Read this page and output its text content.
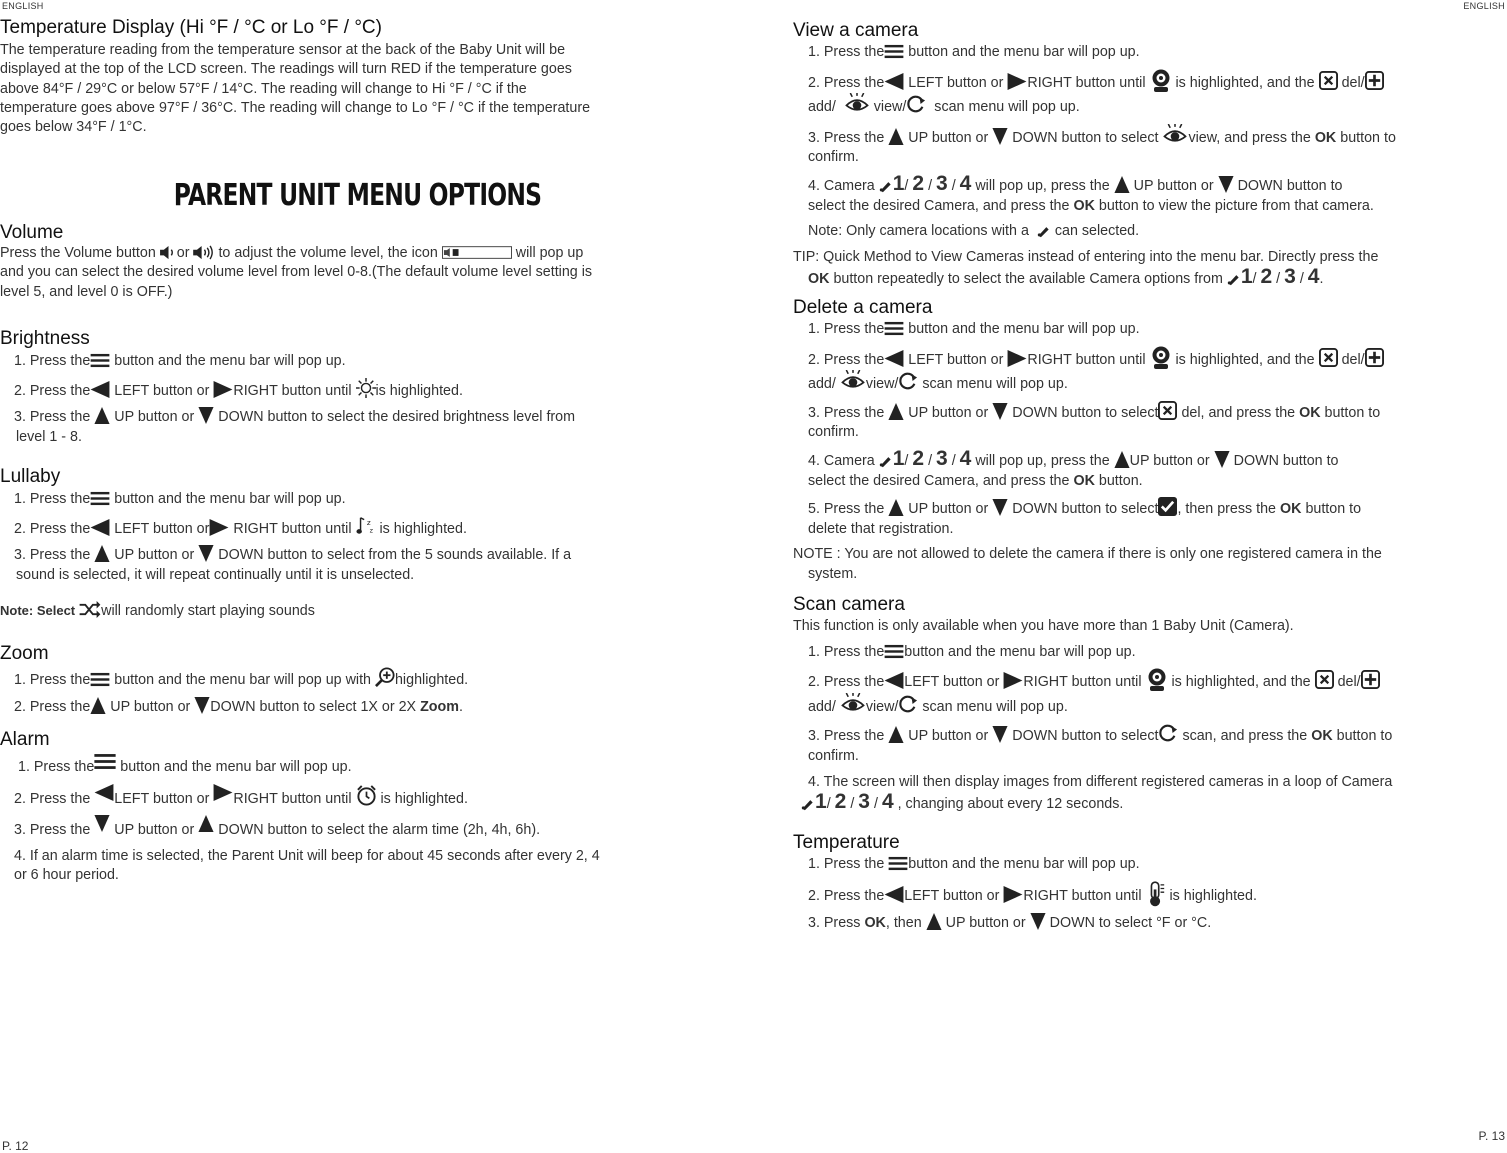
ENGLISH	ENGLISH
P. 12
P. 13
Temperature Display (Hi °F / °C or Lo °F / °C)

The temperature reading from the temperature sensor at the back of the Baby Unit will be

displayed at the top of the LCD screen. The readings will turn RED if the temperature goes

above 84°F / 29°C or below 57°F / 14°C. The reading will change to Hi °F / °C if the

temperature goes above 97°F / 36°C. The reading will change to Lo °F / °C if the temperature

goes below 34°F / 1°C.

PARENT UNIT MENU OPTIONS
Volume

Press the Volume button or to adjust the volume level, the icon	will pop up

and you can select the desired volume level from level 0-8.(The default volume level setting is

level 5, and level 0 is OFF.)

Brightness
1. Press the button and the menu bar will pop up.
2. Press the LEFT button or RIGHT button until is highlighted.
3. Press the UP button or DOWN button to select the desired brightness level from
level 1 - 8.
Lullaby
1. Press the button and the menu bar will pop up.
2. Press the LEFT button or RIGHT button until is highlighted.
3. Press the UP button or DOWN button to select from the 5 sounds available. If a
sound is selected, it will repeat continually until it is unselected.
Note: Select will randomly start playing sounds
Zoom
1. Press the button and the menu bar will pop up with highlighted.
2. Press the UP button or DOWN button to select 1X or 2X Zoom.
Alarm
1. Press the button and the menu bar will pop up.
2. Press the LEFT button or RIGHT button until is highlighted.
3. Press the UP button or DOWN button to select the alarm time (2h, 4h, 6h).
4. If an alarm time is selected, the Parent Unit will beep for about 45 seconds after every 2, 4
or 6 hour period.
View a camera
1. Press the button and the menu bar will pop up.
2. Press the LEFT button or RIGHT button until is highlighted, and the del/
add/	view/ scan menu will pop up.
3. Press the UP button or DOWN button to select view, and press the OK button to
confirm.
4. Camera 1/ 2 / 3 / 4 will pop up, press the UP button or DOWN button to
select the desired Camera, and press the OK button to view the picture from that camera.
Note: Only camera locations with a can selected.
TIP: Quick Method to View Cameras instead of entering into the menu bar. Directly press the
OK button repeatedly to select the available Camera options from 1/ 2 / 3 / 4.
Delete a camera
1. Press the button and the menu bar will pop up.
2. Press the LEFT button or RIGHT button until is highlighted, and the del/
add/ view/ scan menu will pop up.
3. Press the UP button or DOWN button to select del, and press the OK button to
confirm.
4. Camera 1/ 2 / 3 / 4 will pop up, press the UP button or DOWN button to
select the desired Camera, and press the OK button.
5. Press the UP button or DOWN button to select , then press the OK button to
delete that registration.
NOTE : You are not allowed to delete the camera if there is only one registered camera in the
system.
Scan camera
This function is only available when you have more than 1 Baby Unit (Camera).
1. Press the button and the menu bar will pop up.
2. Press the LEFT button or RIGHT button until is highlighted, and the del/
add/ view/ scan menu will pop up.
3. Press the UP button or DOWN button to select scan, and press the OK button to
confirm.
4. The screen will then display images from different registered cameras in a loop of Camera
1/ 2 / 3 / 4 , changing about every 12 seconds.
Temperature
1. Press the button and the menu bar will pop up.
2. Press the LEFT button or RIGHT button until is highlighted.
3. Press OK, then UP button or DOWN to select °F or °C.
